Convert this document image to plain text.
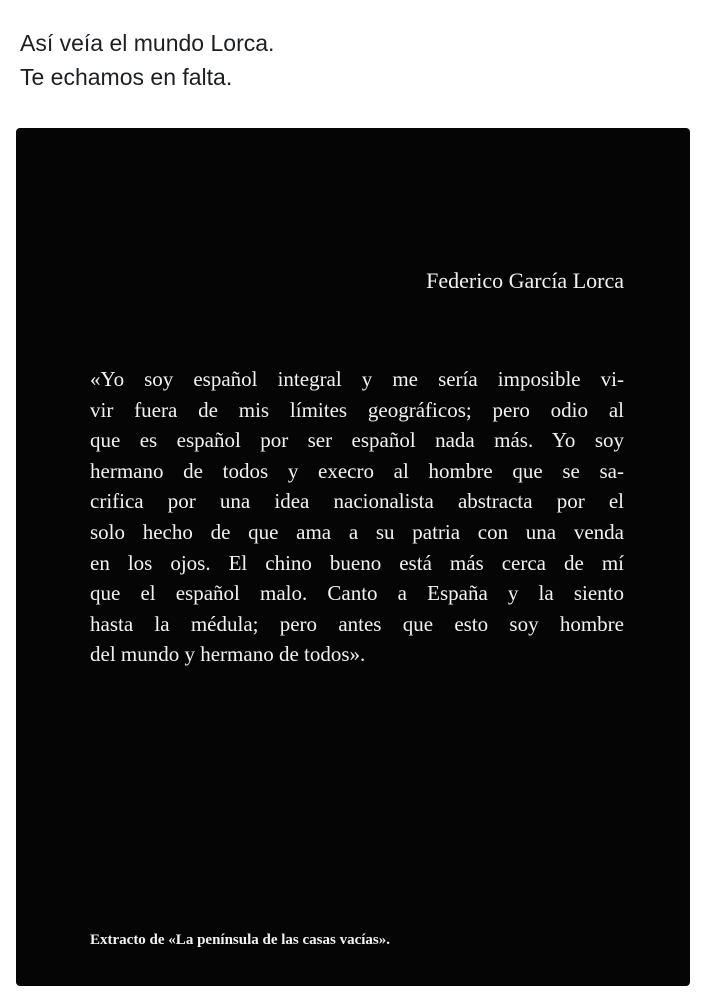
Así veía el mundo Lorca.
Te echamos en falta.
Federico García Lorca
«Yo soy español integral y me sería imposible vi-
vir fuera de mis límites geográficos; pero odio al
que es español por ser español nada más. Yo soy
hermano de todos y execro al hombre que se sa-
crifica por una idea nacionalista abstracta por el
solo hecho de que ama a su patria con una venda
en los ojos. El chino bueno está más cerca de mí
que el español malo. Canto a España y la siento
hasta la médula; pero antes que esto soy hombre
del mundo y hermano de todos».
Extracto de «La península de las casas vacías».
